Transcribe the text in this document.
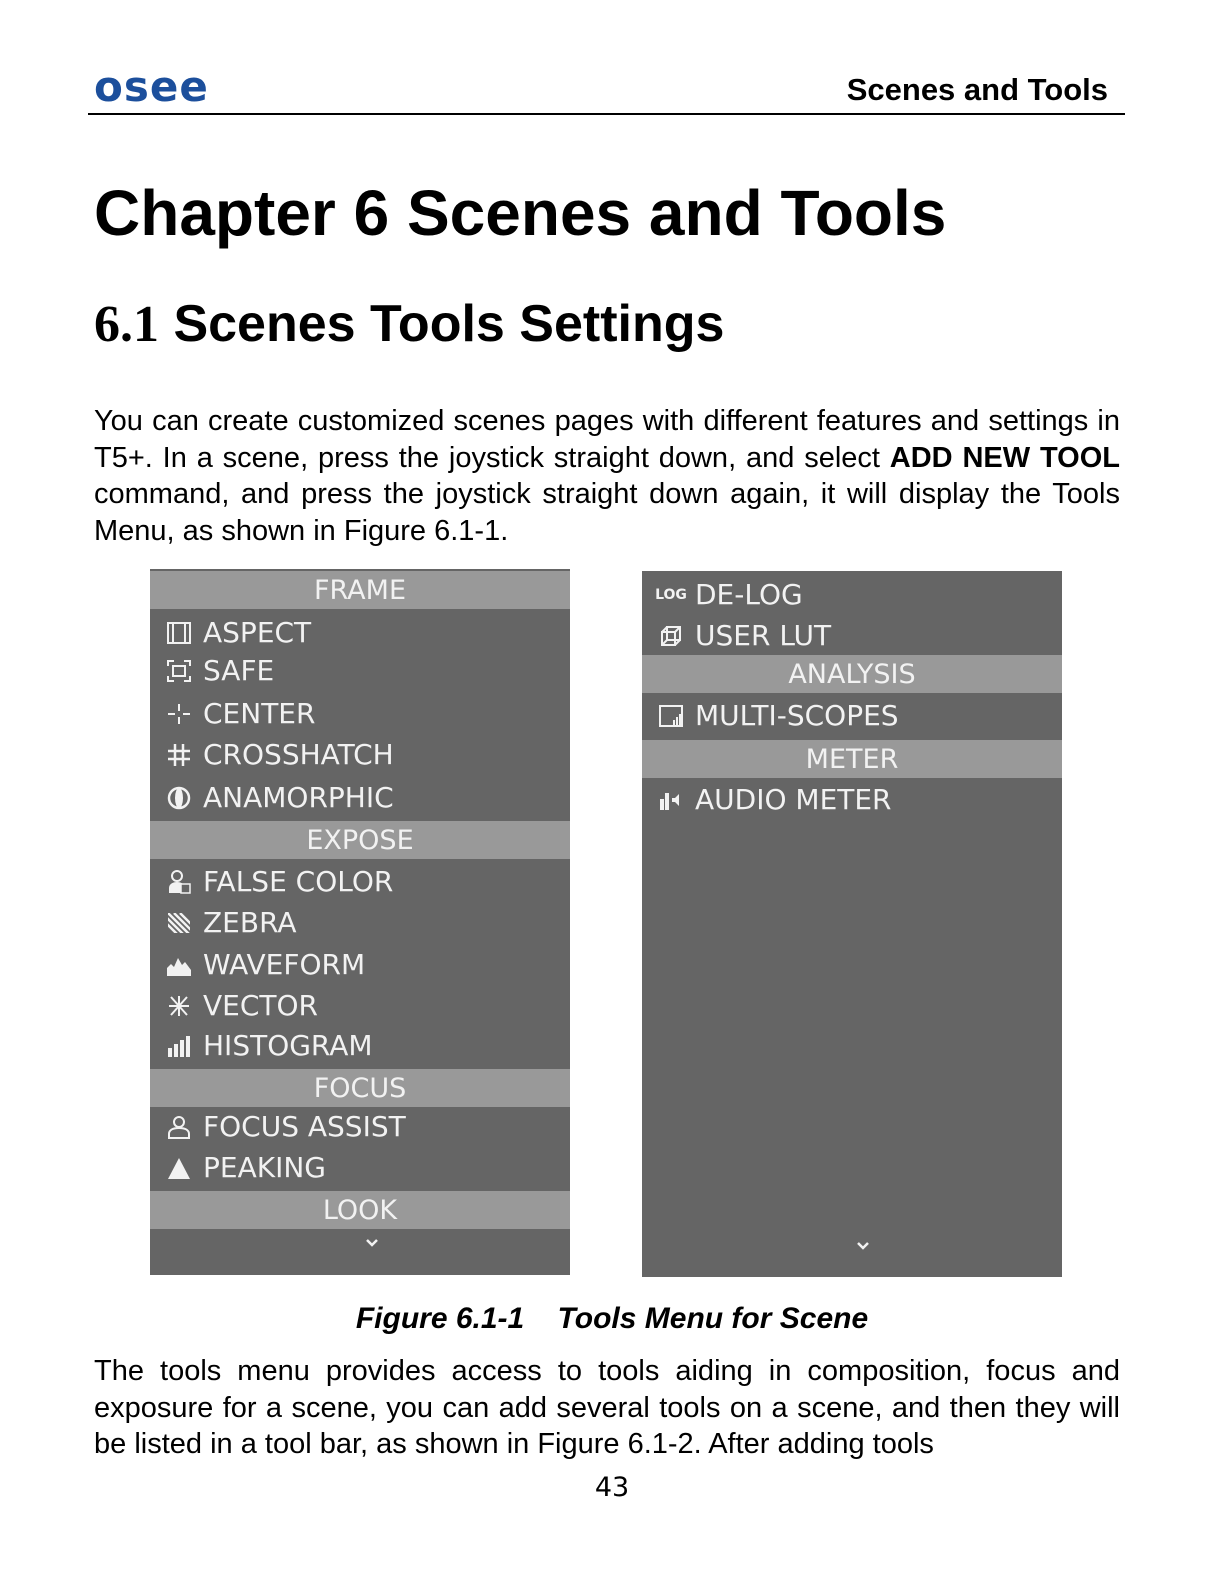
osee	Scenes and Tools
Chapter 6 Scenes and Tools
6.1 Scenes Tools Settings

You can create customized scenes pages with different features and settings in T5+. In a scene, press the joystick straight down, and select ADD NEW TOOL command, and press the joystick straight down again, it will display the Tools Menu, as shown in Figure 6.1-1.

FRAME
ASPECT
SAFE
CENTER
CROSSHATCH
ANAMORPHIC
EXPOSE
FALSE COLOR
ZEBRA
WAVEFORM
VECTOR
HISTOGRAM
FOCUS
FOCUS ASSIST
PEAKING
LOOK
LOG DE-LOG
USER LUT
ANALYSIS
MULTI-SCOPES
METER
AUDIO METER

Figure 6.1-1    Tools Menu for Scene

The tools menu provides access to tools aiding in composition, focus and exposure for a scene, you can add several tools on a scene, and then they will be listed in a tool bar, as shown in Figure 6.1-2. After adding tools

43
